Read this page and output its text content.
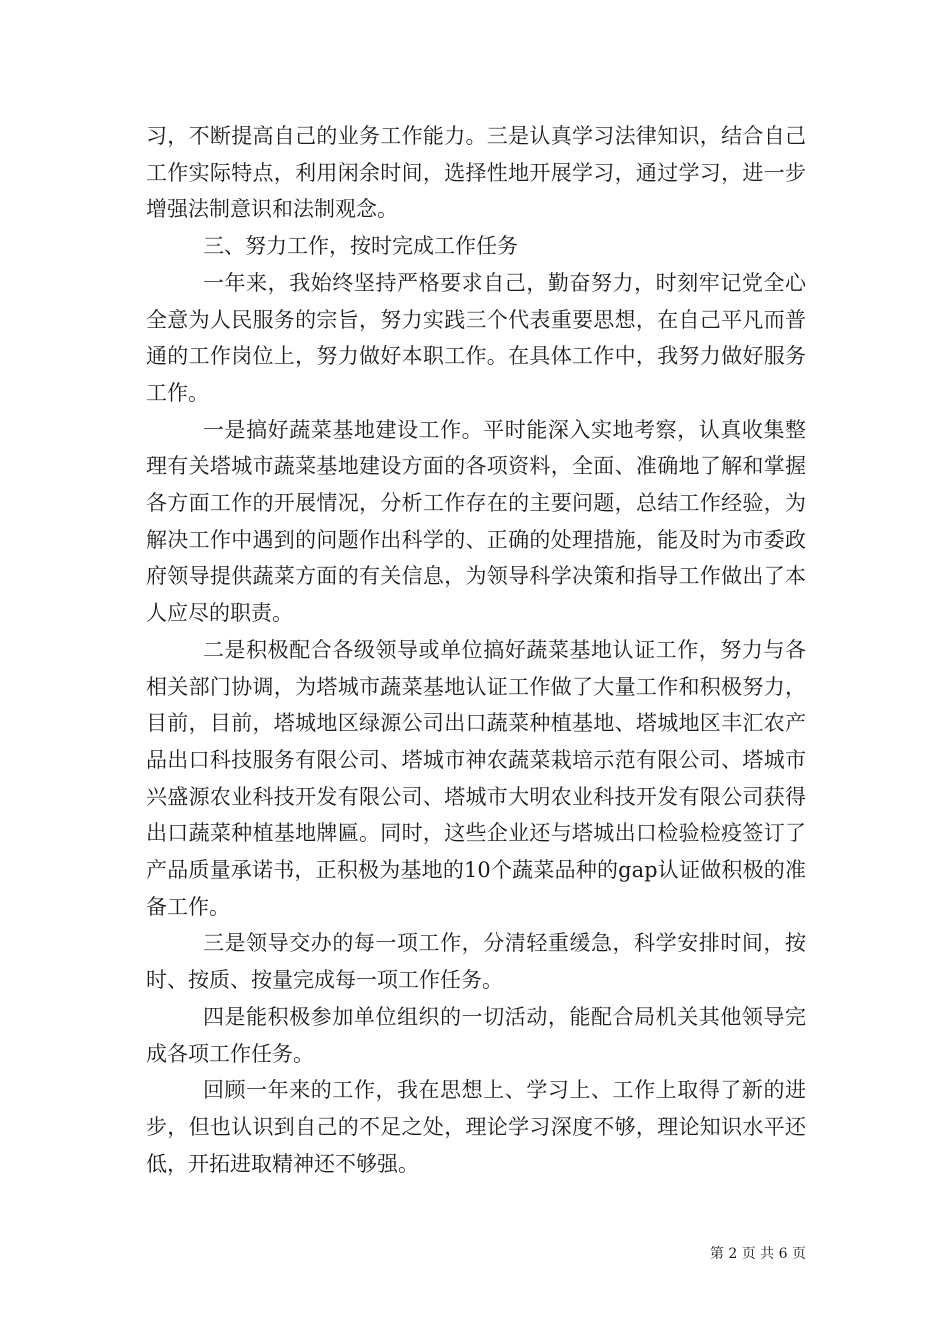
习，不断提高自己的业务工作能力。三是认真学习法律知识，结合自己工作实际特点，利用闲余时间，选择性地开展学习，通过学习，进一步增强法制意识和法制观念。

三、努力工作，按时完成工作任务

一年来，我始终坚持严格要求自己，勤奋努力，时刻牢记党全心全意为人民服务的宗旨，努力实践三个代表重要思想，在自己平凡而普通的工作岗位上，努力做好本职工作。在具体工作中，我努力做好服务工作。

一是搞好蔬菜基地建设工作。平时能深入实地考察，认真收集整理有关塔城市蔬菜基地建设方面的各项资料，全面、准确地了解和掌握各方面工作的开展情况，分析工作存在的主要问题，总结工作经验，为解决工作中遇到的问题作出科学的、正确的处理措施，能及时为市委政府领导提供蔬菜方面的有关信息，为领导科学决策和指导工作做出了本人应尽的职责。

二是积极配合各级领导或单位搞好蔬菜基地认证工作，努力与各相关部门协调，为塔城市蔬菜基地认证工作做了大量工作和积极努力，目前，目前，塔城地区绿源公司出口蔬菜种植基地、塔城地区丰汇农产品出口科技服务有限公司、塔城市神农蔬菜栽培示范有限公司、塔城市兴盛源农业科技开发有限公司、塔城市大明农业科技开发有限公司获得出口蔬菜种植基地牌匾。同时，这些企业还与塔城出口检验检疫签订了产品质量承诺书，正积极为基地的10个蔬菜品种的gap认证做积极的准备工作。

三是领导交办的每一项工作，分清轻重缓急，科学安排时间，按时、按质、按量完成每一项工作任务。

四是能积极参加单位组织的一切活动，能配合局机关其他领导完成各项工作任务。

回顾一年来的工作，我在思想上、学习上、工作上取得了新的进步，但也认识到自己的不足之处，理论学习深度不够，理论知识水平还低，开拓进取精神还不够强。

第 2 页 共 6 页
